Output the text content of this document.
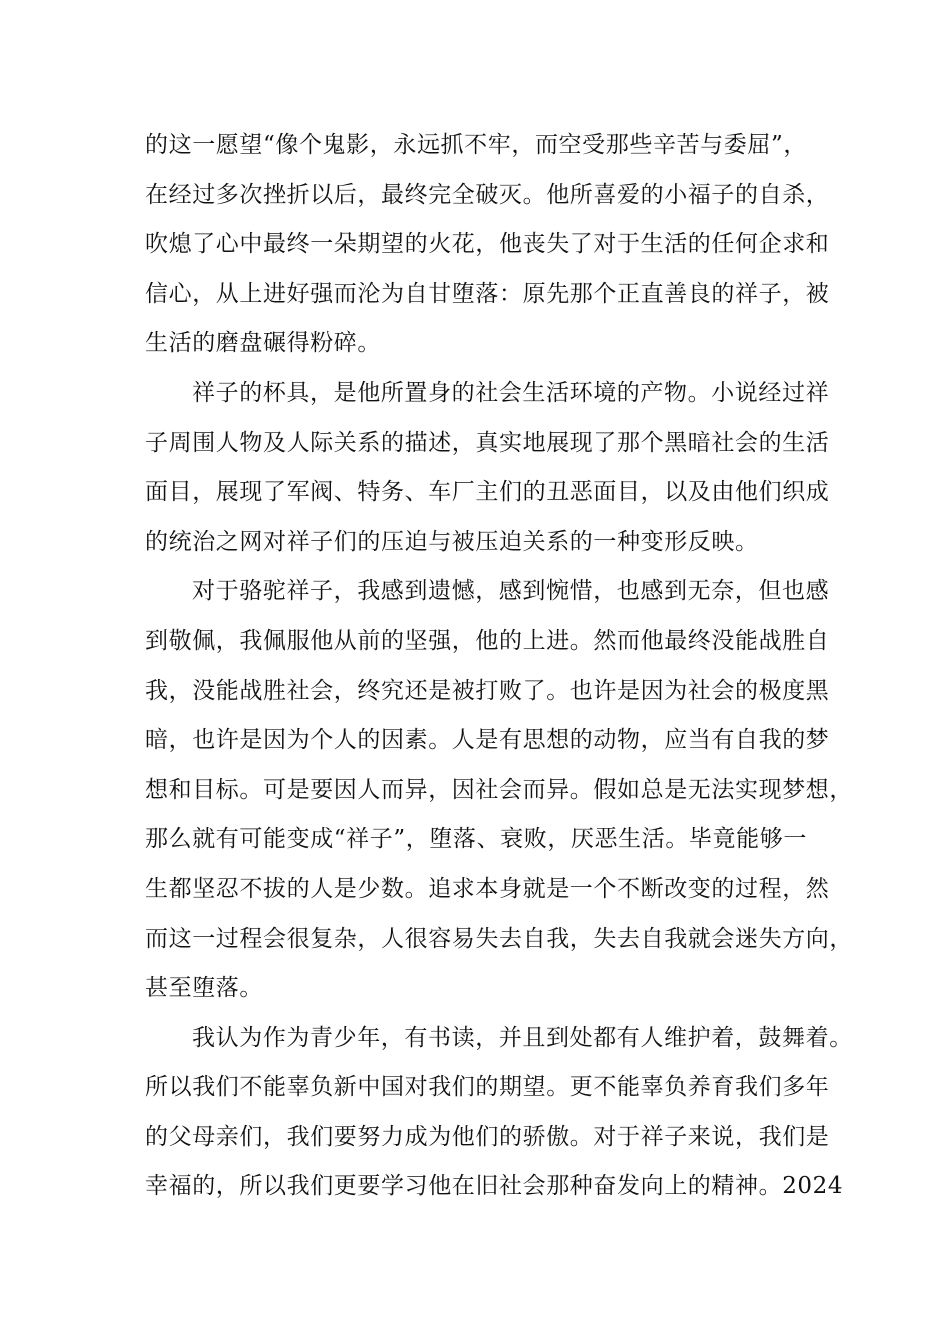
的这一愿望“像个鬼影，永远抓不牢，而空受那些辛苦与委屈”，
在经过多次挫折以后，最终完全破灭。他所喜爱的小福子的自杀，
吹熄了心中最终一朵期望的火花，他丧失了对于生活的任何企求和
信心，从上进好强而沦为自甘堕落：原先那个正直善良的祥子，被
生活的磨盘碾得粉碎。
祥子的杯具，是他所置身的社会生活环境的产物。小说经过祥
子周围人物及人际关系的描述，真实地展现了那个黑暗社会的生活
面目，展现了军阀、特务、车厂主们的丑恶面目，以及由他们织成
的统治之网对祥子们的压迫与被压迫关系的一种变形反映。
对于骆驼祥子，我感到遗憾，感到惋惜，也感到无奈，但也感
到敬佩，我佩服他从前的坚强，他的上进。然而他最终没能战胜自
我，没能战胜社会，终究还是被打败了。也许是因为社会的极度黑
暗，也许是因为个人的因素。人是有思想的动物，应当有自我的梦
想和目标。可是要因人而异，因社会而异。假如总是无法实现梦想，
那么就有可能变成“祥子”，堕落、衰败，厌恶生活。毕竟能够一
生都坚忍不拔的人是少数。追求本身就是一个不断改变的过程，然
而这一过程会很复杂，人很容易失去自我，失去自我就会迷失方向，
甚至堕落。
我认为作为青少年，有书读，并且到处都有人维护着，鼓舞着。
所以我们不能辜负新中国对我们的期望。更不能辜负养育我们多年
的父母亲们，我们要努力成为他们的骄傲。对于祥子来说，我们是
幸福的，所以我们更要学习他在旧社会那种奋发向上的精神。2024
